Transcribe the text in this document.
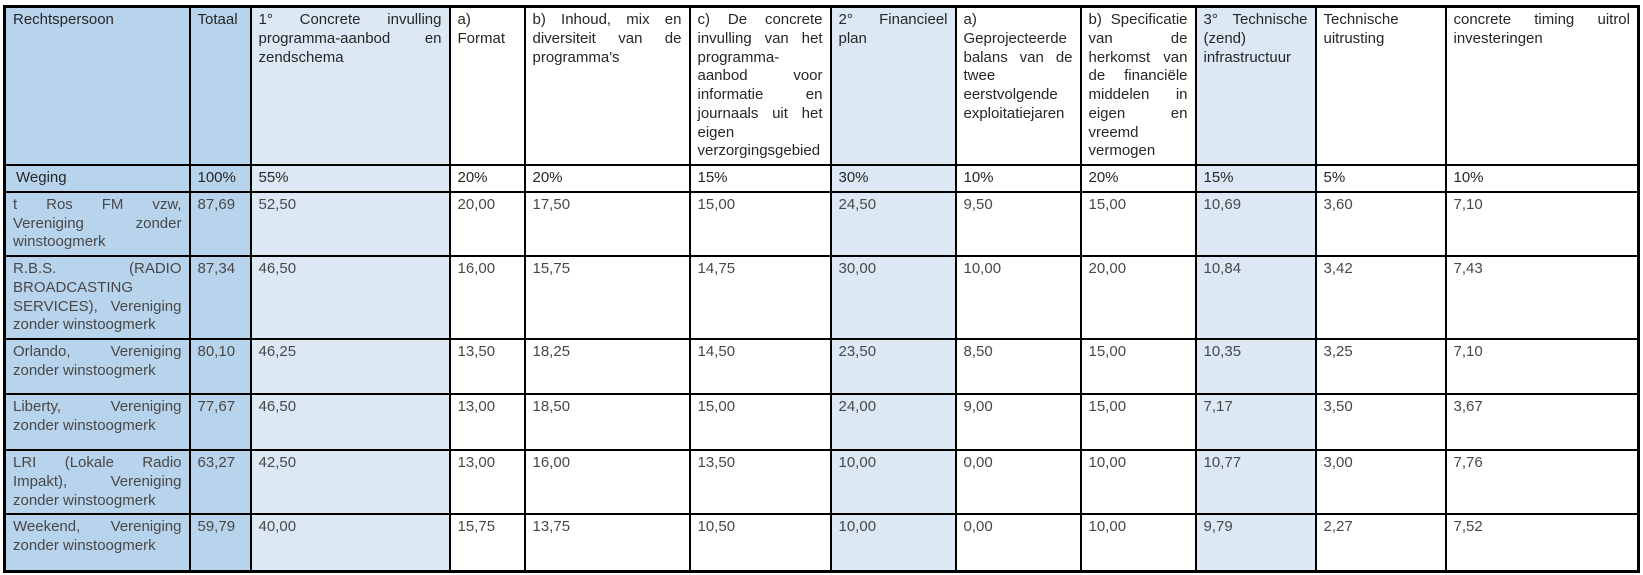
Rechtspersoon	Totaal	1° Concrete invulling programma-aanbod en zendschema	a) Format	b) Inhoud, mix en diversiteit van de programma's	c) De concrete invulling van het programma-aanbod voor informatie en journaals uit het eigen verzorgingsgebied	2° Financieel plan	a) Geprojecteerde balans van de twee eerstvolgende exploitatiejaren	b) Specificatie van de herkomst van de financiële middelen in eigen en vreemd vermogen	3° Technische (zend) infrastructuur	Technische uitrusting	concrete timing uitrol investeringen
Weging	100%	55%	20%	20%	15%	30%	10%	20%	15%	5%	10%
t Ros FM vzw, Vereniging zonder winstoogmerk	87,69	52,50	20,00	17,50	15,00	24,50	9,50	15,00	10,69	3,60	7,10
R.B.S. (RADIO BROADCASTING SERVICES), Vereniging zonder winstoogmerk	87,34	46,50	16,00	15,75	14,75	30,00	10,00	20,00	10,84	3,42	7,43
Orlando, Vereniging zonder winstoogmerk	80,10	46,25	13,50	18,25	14,50	23,50	8,50	15,00	10,35	3,25	7,10
Liberty, Vereniging zonder winstoogmerk	77,67	46,50	13,00	18,50	15,00	24,00	9,00	15,00	7,17	3,50	3,67
LRI (Lokale Radio Impakt), Vereniging zonder winstoogmerk	63,27	42,50	13,00	16,00	13,50	10,00	0,00	10,00	10,77	3,00	7,76
Weekend, Vereniging zonder winstoogmerk	59,79	40,00	15,75	13,75	10,50	10,00	0,00	10,00	9,79	2,27	7,52
